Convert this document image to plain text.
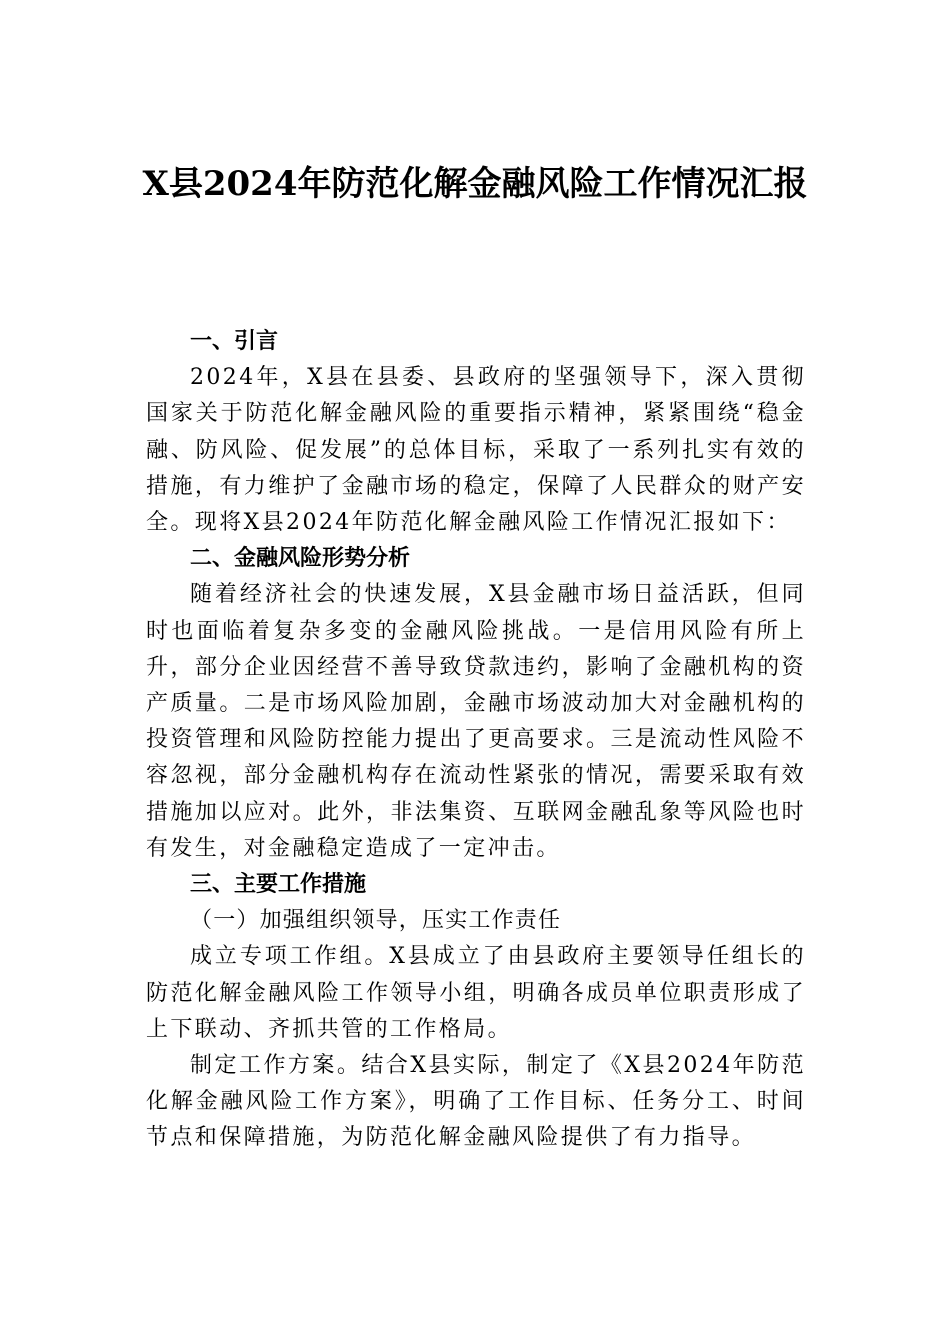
X县2024年防范化解金融风险工作情况汇报

一、引言

2024年，X县在县委、县政府的坚强领导下，深入贯彻国家关于防范化解金融风险的重要指示精神，紧紧围绕“稳金融、防风险、促发展”的总体目标，采取了一系列扎实有效的措施，有力维护了金融市场的稳定，保障了人民群众的财产安全。现将X县2024年防范化解金融风险工作情况汇报如下：

二、金融风险形势分析

随着经济社会的快速发展，X县金融市场日益活跃，但同时也面临着复杂多变的金融风险挑战。一是信用风险有所上升，部分企业因经营不善导致贷款违约，影响了金融机构的资产质量。二是市场风险加剧，金融市场波动加大对金融机构的投资管理和风险防控能力提出了更高要求。三是流动性风险不容忽视，部分金融机构存在流动性紧张的情况，需要采取有效措施加以应对。此外，非法集资、互联网金融乱象等风险也时有发生，对金融稳定造成了一定冲击。

三、主要工作措施

（一）加强组织领导，压实工作责任

成立专项工作组。X县成立了由县政府主要领导任组长的防范化解金融风险工作领导小组，明确各成员单位职责形成了上下联动、齐抓共管的工作格局。

制定工作方案。结合X县实际，制定了《X县2024年防范化解金融风险工作方案》，明确了工作目标、任务分工、时间节点和保障措施，为防范化解金融风险提供了有力指导。
